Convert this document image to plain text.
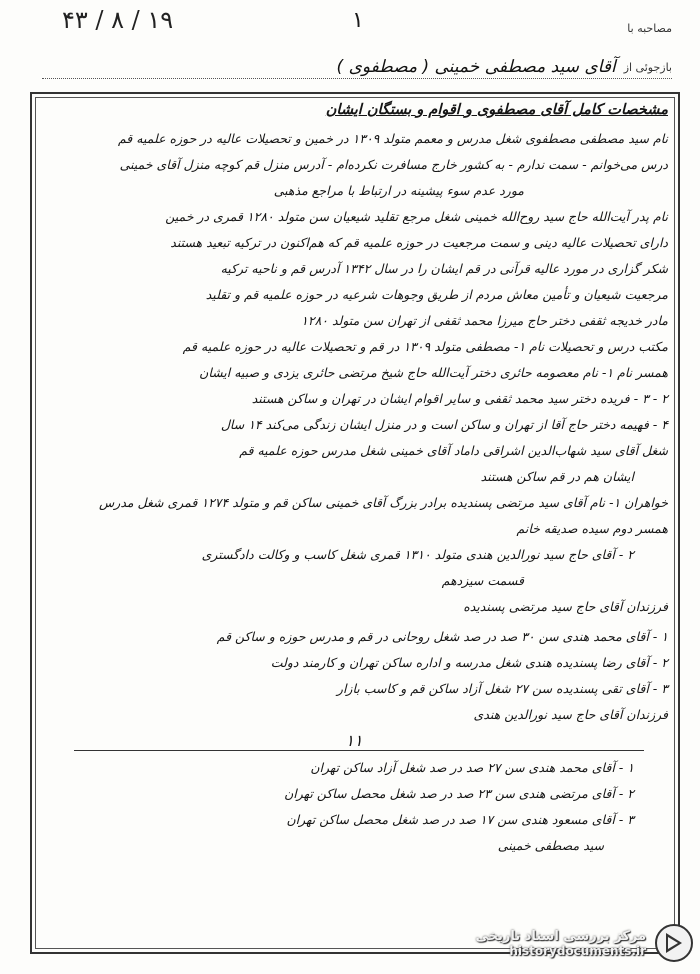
۴۳ / ۸ / ۱۹	۱	مصاحبه با
بازجوئی از
آقای سید مصطفی خمینی ( مصطفوی )
مشخصات کامل آقای مصطفوی و اقوام و بستگان ایشان
نام سید مصطفی مصطفوی شغل مدرس و معمم متولد ۱۳۰۹ در خمین و تحصیلات عالیه در حوزه علمیه قم
درس می‌خوانم - سمت ندارم - به کشور خارج مسافرت نکرده‌ام - آدرس منزل قم کوچه منزل آقای خمینی
مورد عدم سوء پیشینه در ارتباط با مراجع مذهبی
نام پدر آیت‌الله حاج سید روح‌الله خمینی شغل مرجع تقلید شیعیان سن متولد ۱۲۸۰ قمری در خمین
دارای تحصیلات عالیه دینی و سمت مرجعیت در حوزه علمیه قم که هم‌اکنون در ترکیه تبعید هستند
شکر گزاری در مورد عالیه قرآنی در قم ایشان را در سال ۱۳۴۲ آدرس قم و ناحیه ترکیه
مرجعیت شیعیان و تأمین معاش مردم از طریق وجوهات شرعیه در حوزه علمیه قم و تقلید
مادر خدیجه ثقفی دختر حاج میرزا محمد ثقفی از تهران سن متولد ۱۲۸۰
مکتب درس و تحصیلات نام ۱- مصطفی متولد ۱۳۰۹ در قم و تحصیلات عالیه در حوزه علمیه قم
همسر نام ۱- نام معصومه حائری دختر آیت‌الله حاج شیخ مرتضی حائری یزدی و صبیه ایشان
۲ - ۳ - فریده دختر سید محمد ثقفی و سایر اقوام ایشان در تهران و ساکن هستند
۴ - فهیمه دختر حاج آقا از تهران و ساکن است و در منزل ایشان زندگی می‌کند ۱۴ سال
شغل آقای سید شهاب‌الدین اشراقی داماد آقای خمینی شغل مدرس حوزه علمیه قم
ایشان هم در قم ساکن هستند
خواهران ۱- نام آقای سید مرتضی پسندیده برادر بزرگ آقای خمینی ساکن قم و متولد ۱۲۷۴ قمری شغل مدرس
همسر دوم سیده صدیقه خانم
۲ - آقای حاج سید نورالدین هندی متولد ۱۳۱۰ قمری شغل کاسب و وکالت دادگستری
قسمت سیزدهم
فرزندان آقای حاج سید مرتضی پسندیده
۱ - آقای محمد هندی سن ۳۰ صد در صد شغل روحانی در قم و مدرس حوزه و ساکن قم
۲ - آقای رضا پسندیده هندی شغل مدرسه و اداره ساکن تهران و کارمند دولت
۳ - آقای تقی پسندیده سن ۲۷ شغل آزاد ساکن قم و کاسب بازار
فرزندان آقای حاج سید نورالدین هندی
۱۱
۱ - آقای محمد هندی سن ۲۷ صد در صد شغل آزاد ساکن تهران
۲ - آقای مرتضی هندی سن ۲۳ صد در صد شغل محصل ساکن تهران
۳ - آقای مسعود هندی سن ۱۷ صد در صد شغل محصل ساکن تهران
سید مصطفی خمینی
مرکز بررسی اسناد تاریخی
historydocuments.ir
